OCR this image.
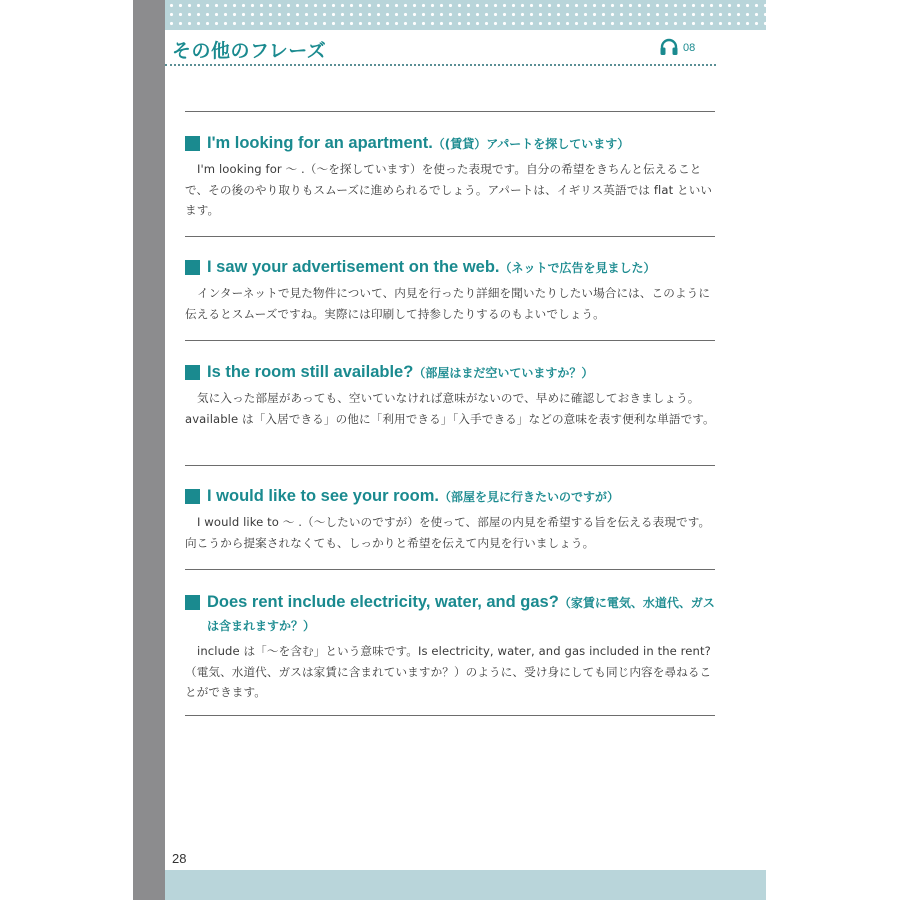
その他のフレーズ	08
I'm looking for an apartment.（(賃貸）アパートを探しています）
I'm looking for ～ .（～を探しています）を使った表現です。自分の希望をきちんと伝えることで、その後のやり取りもスムーズに進められるでしょう。アパートは、イギリス英語では flat といいます。
I saw your advertisement on the web.（ネットで広告を見ました）
インターネットで見た物件について、内見を行ったり詳細を聞いたりしたい場合には、このように伝えるとスムーズですね。実際には印刷して持参したりするのもよいでしょう。
Is the room still available?（部屋はまだ空いていますか？）
気に入った部屋があっても、空いていなければ意味がないので、早めに確認しておきましょう。available は「入居できる」の他に「利用できる」「入手できる」などの意味を表す便利な単語です。
I would like to see your room.（部屋を見に行きたいのですが）
I would like to ～ .（～したいのですが）を使って、部屋の内見を希望する旨を伝える表現です。向こうから提案されなくても、しっかりと希望を伝えて内見を行いましょう。
Does rent include electricity, water, and gas?（家賃に電気、水道代、ガスは含まれますか？）
include は「～を含む」という意味です。Is electricity, water, and gas included in the rent?（電気、水道代、ガスは家賃に含まれていますか？）のように、受け身にしても同じ内容を尋ねることができます。
28
